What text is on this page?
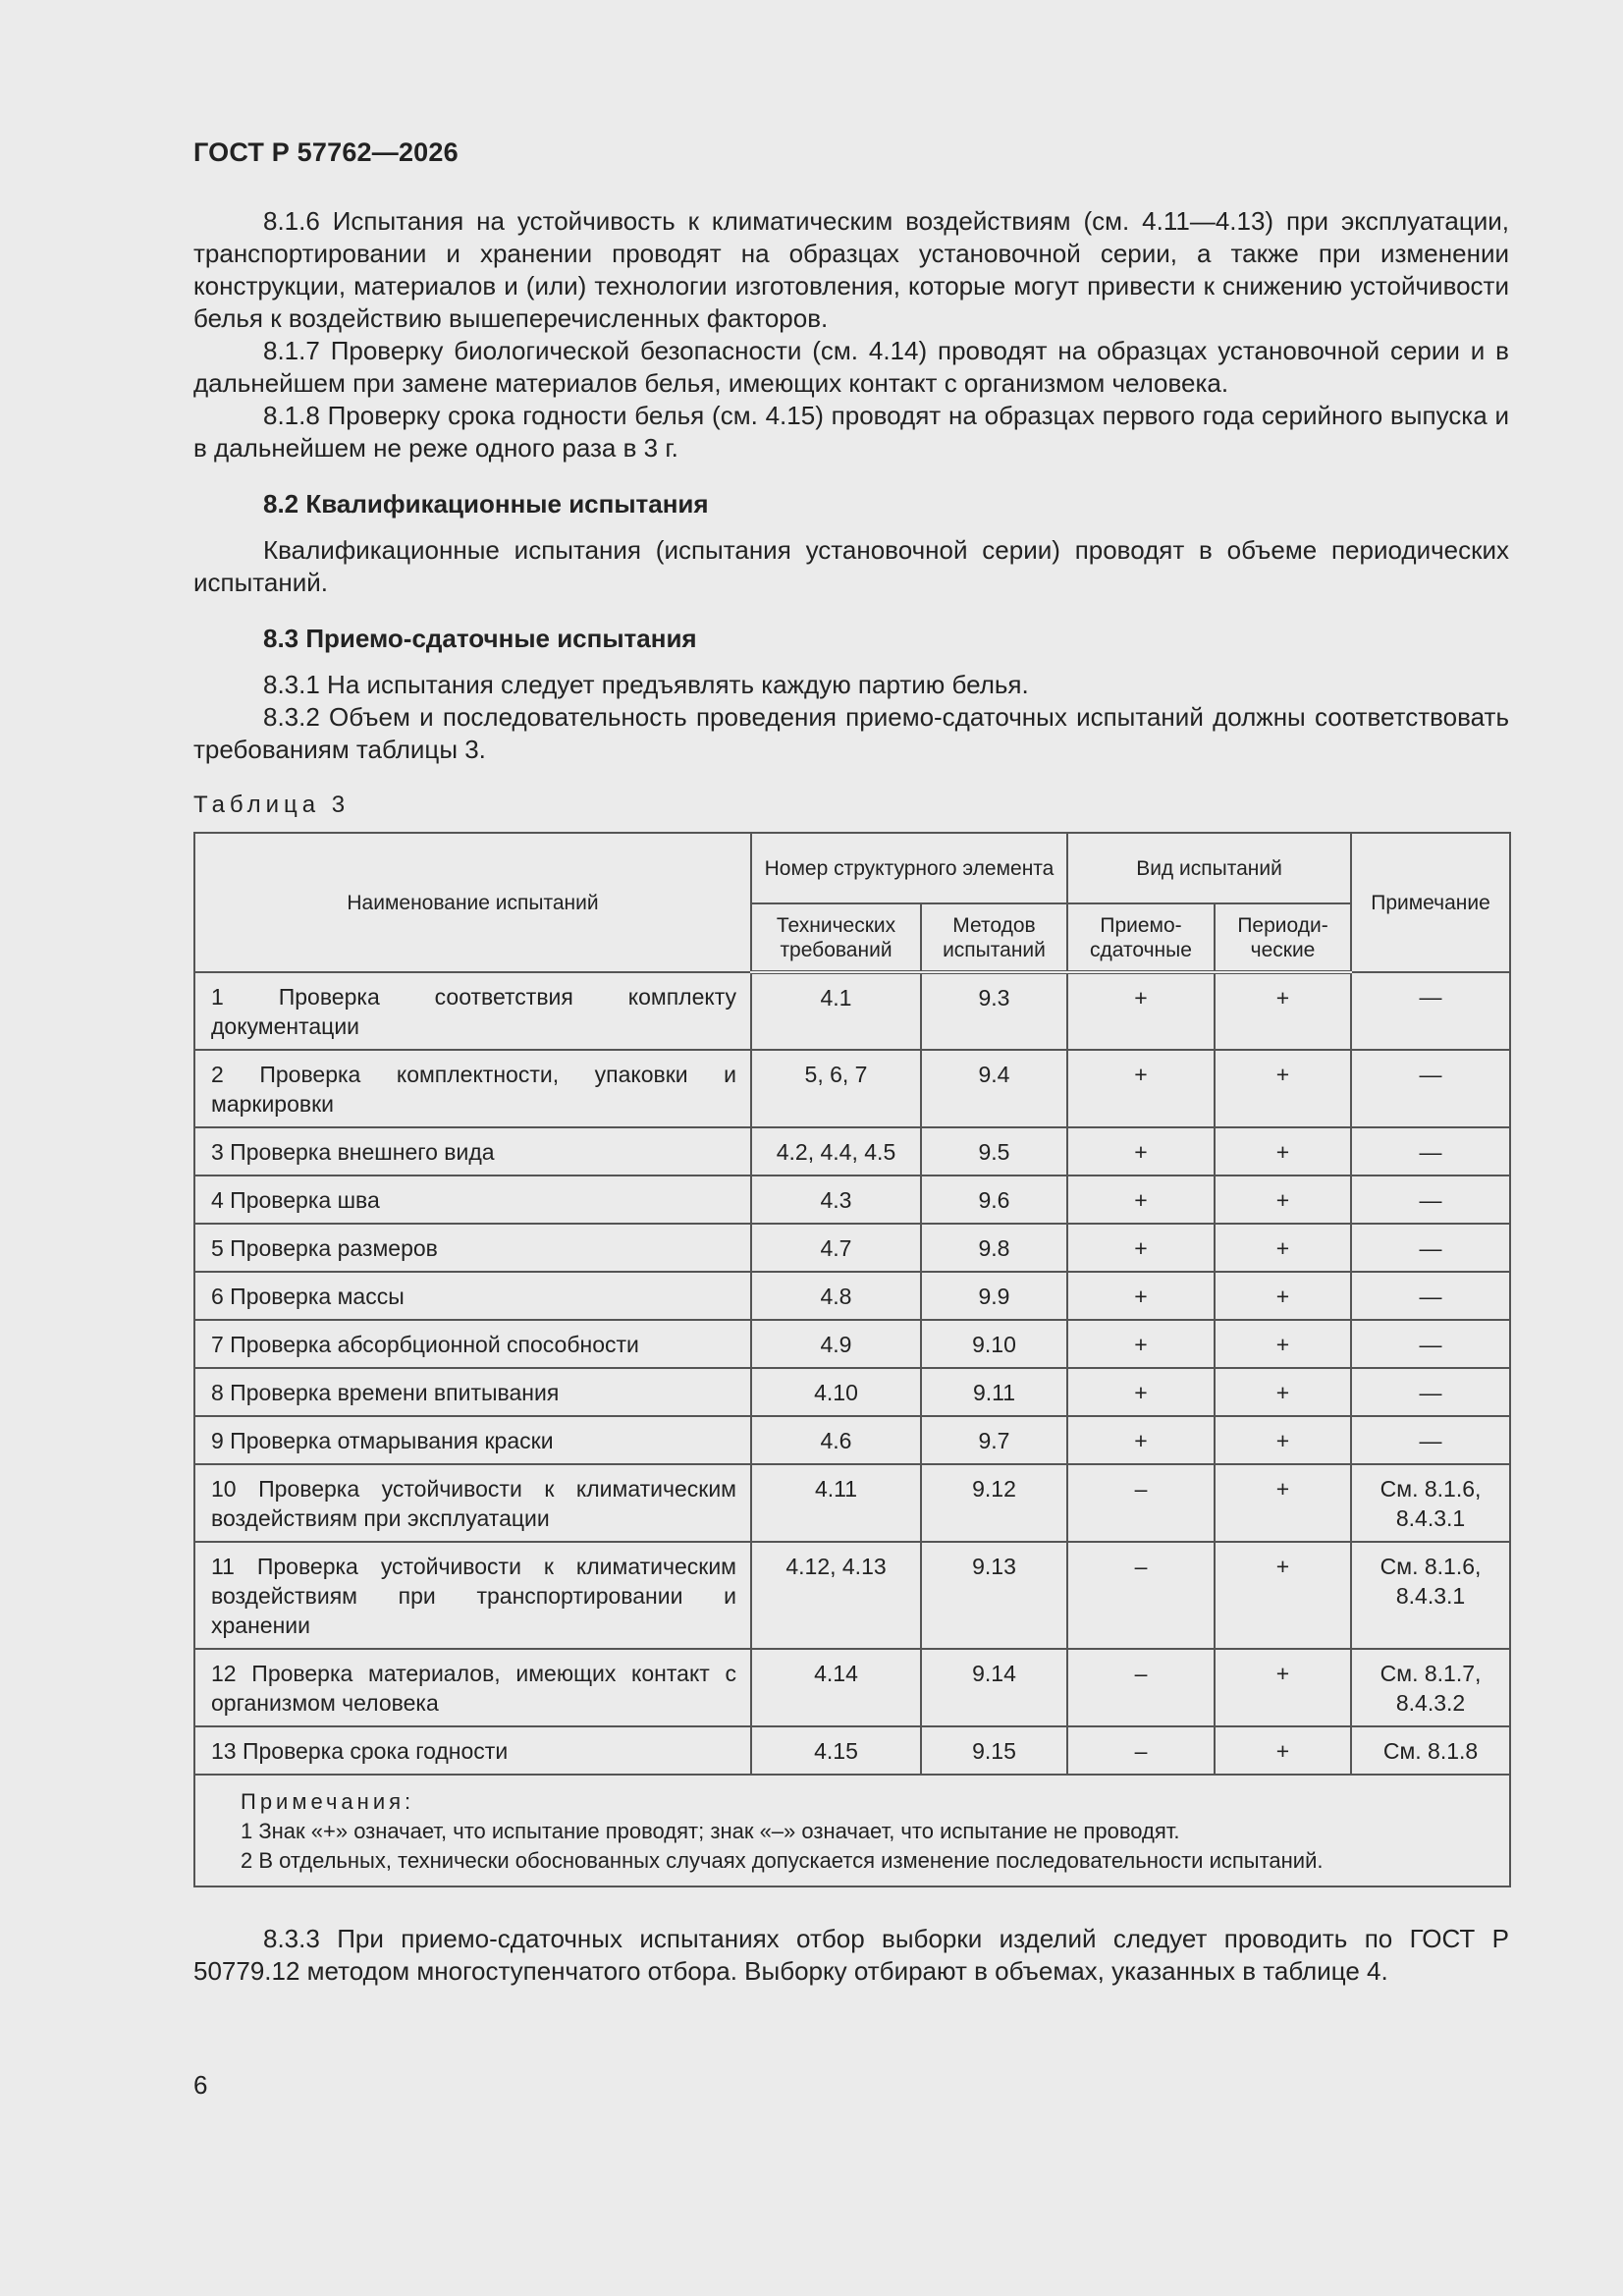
ГОСТ Р 57762—2026

8.1.6 Испытания на устойчивость к климатическим воздействиям (см. 4.11—4.13) при эксплуатации, транспортировании и хранении проводят на образцах установочной серии, а также при изменении конструкции, материалов и (или) технологии изготовления, которые могут привести к снижению устойчивости белья к воздействию вышеперечисленных факторов.

8.1.7 Проверку биологической безопасности (см. 4.14) проводят на образцах установочной серии и в дальнейшем при замене материалов белья, имеющих контакт с организмом человека.

8.1.8 Проверку срока годности белья (см. 4.15) проводят на образцах первого года серийного выпуска и в дальнейшем не реже одного раза в 3 г.

8.2 Квалификационные испытания

Квалификационные испытания (испытания установочной серии) проводят в объеме периодических испытаний.

8.3 Приемо-сдаточные испытания

8.3.1 На испытания следует предъявлять каждую партию белья.

8.3.2 Объем и последовательность проведения приемо-сдаточных испытаний должны соответствовать требованиям таблицы 3.

Таблица 3
Наименование испытаний	Номер структурного элемента		Вид испытаний		Примечание
	Технических требований	Методов испытаний	Приемо-сдаточные	Периоди-ческие	
1 Проверка соответствия комплекту документации	4.1	9.3	+	+	—
2 Проверка комплектности, упаковки и маркировки	5, 6, 7	9.4	+	+	—
3 Проверка внешнего вида	4.2, 4.4, 4.5	9.5	+	+	—
4 Проверка шва	4.3	9.6	+	+	—
5 Проверка размеров	4.7	9.8	+	+	—
6 Проверка массы	4.8	9.9	+	+	—
7 Проверка абсорбционной способности	4.9	9.10	+	+	—
8 Проверка времени впитывания	4.10	9.11	+	+	—
9 Проверка отмарывания краски	4.6	9.7	+	+	—
10 Проверка устойчивости к климатическим воздействиям при эксплуатации	4.11	9.12	–	+	См. 8.1.6, 8.4.3.1
11 Проверка устойчивости к климатическим воздействиям при транспортировании и хранении	4.12, 4.13	9.13	–	+	См. 8.1.6, 8.4.3.1
12 Проверка материалов, имеющих контакт с организмом человека	4.14	9.14	–	+	См. 8.1.7, 8.4.3.2
13 Проверка срока годности	4.15	9.15	–	+	См. 8.1.8

Примечания:
1 Знак «+» означает, что испытание проводят; знак «–» означает, что испытание не проводят.
2 В отдельных, технически обоснованных случаях допускается изменение последовательности испытаний.					

8.3.3 При приемо-сдаточных испытаниях отбор выборки изделий следует проводить по ГОСТ Р 50779.12 методом многоступенчатого отбора. Выборку отбирают в объемах, указанных в таблице 4.

6
